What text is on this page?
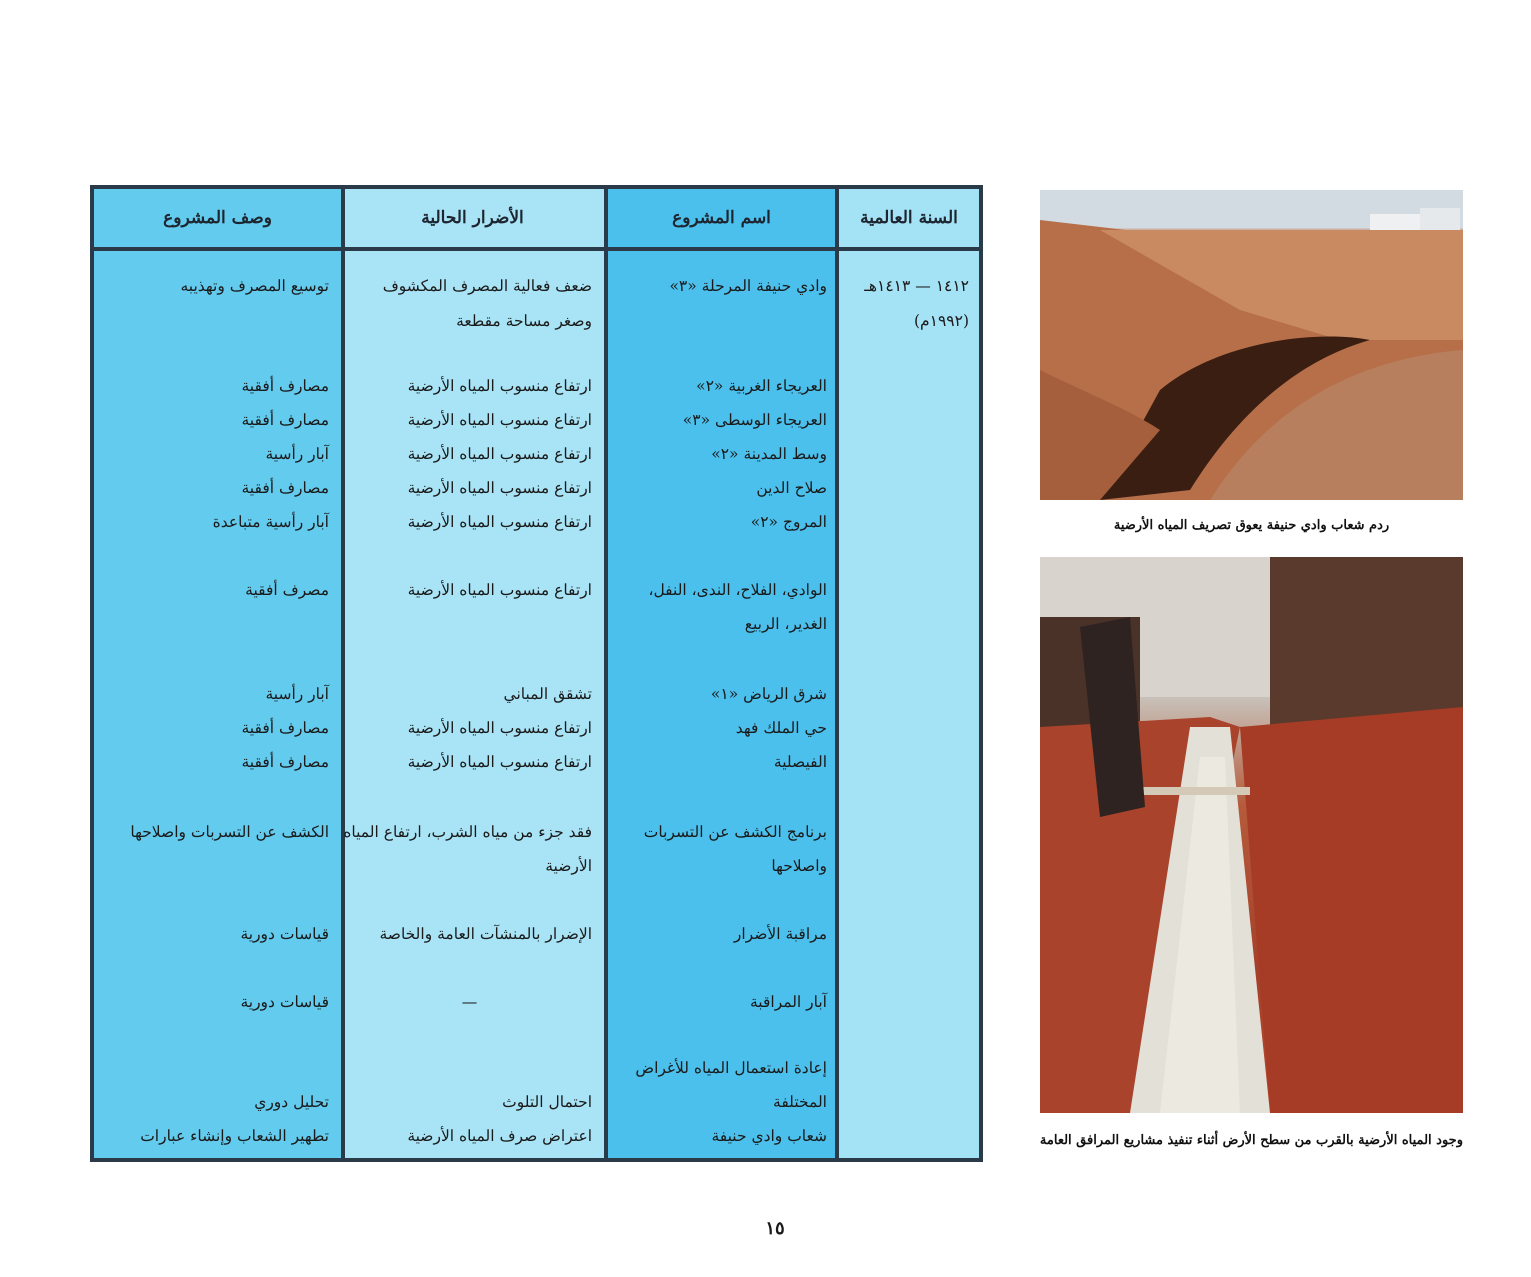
السنة العالمية
اسم المشروع
الأضرار الحالية
وصف المشروع
١٤١٢ — ١٤١٣هـ
(١٩٩٢م)
وادي حنيفة المرحلة «٣»
العريجاء الغربية «٢»
العريجاء الوسطى «٣»
وسط المدينة «٢»
صلاح الدين
المروج «٢»
الوادي، الفلاح، الندى، النفل،
الغدير، الربيع
شرق الرياض «١»
حي الملك فهد
الفيصلية
برنامج الكشف عن التسربات
واصلاحها
مراقبة الأضرار
آبار المراقبة
إعادة استعمال المياه للأغراض
المختلفة
شعاب وادي حنيفة
ضعف فعالية المصرف المكشوف
وصغر مساحة مقطعة
ارتفاع منسوب المياه الأرضية
ارتفاع منسوب المياه الأرضية
ارتفاع منسوب المياه الأرضية
ارتفاع منسوب المياه الأرضية
ارتفاع منسوب المياه الأرضية
ارتفاع منسوب المياه الأرضية
تشقق المباني
ارتفاع منسوب المياه الأرضية
ارتفاع منسوب المياه الأرضية
فقد جزء من مياه الشرب، ارتفاع المياه
الأرضية
الإضرار بالمنشآت العامة والخاصة
—
احتمال التلوث
اعتراض صرف المياه الأرضية
توسيع المصرف وتهذيبه
مصارف أفقية
مصارف أفقية
آبار رأسية
مصارف أفقية
آبار رأسية متباعدة
مصرف أفقية
آبار رأسية
مصارف أفقية
مصارف أفقية
الكشف عن التسربات واصلاحها
قياسات دورية
قياسات دورية
تحليل دوري
تطهير الشعاب وإنشاء عبارات
ردم شعاب وادي حنيفة يعوق تصريف المياه الأرضية
وجود المياه الأرضية بالقرب من سطح الأرض أثناء تنفيذ مشاريع المرافق العامة
١٥
